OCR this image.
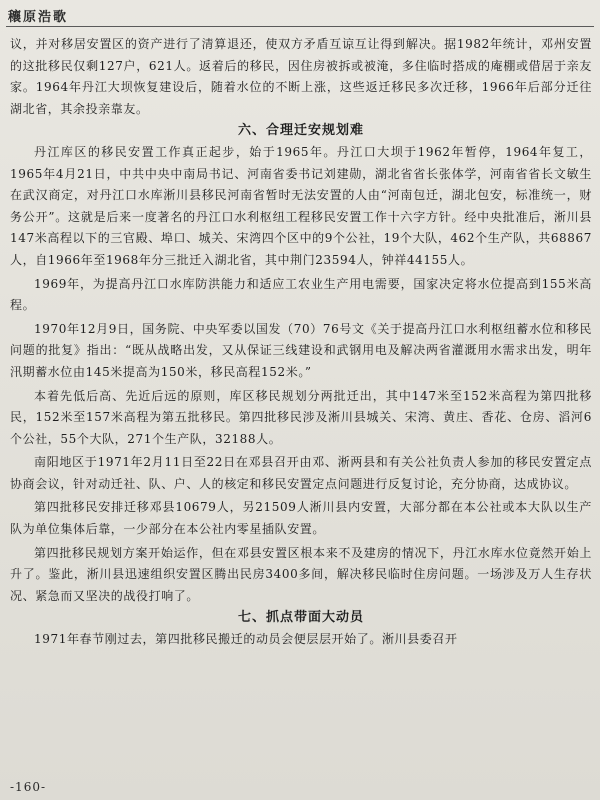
穰原浩歌

议，并对移居安置区的资产进行了清算退还，使双方矛盾互谅互让得到解决。据1982年统计，邓州安置的这批移民仅剩127户，621人。返着后的移民，因住房被拆或被淹，多住临时搭成的庵棚或借居于亲友家。1964年丹江大坝恢复建设后，随着水位的不断上涨，这些返迁移民多次迁移，1966年后部分迁往湖北省，其余投亲靠友。

六、合理迁安规划难

丹江库区的移民安置工作真正起步，始于1965年。丹江口大坝于1962年暂停，1964年复工，1965年4月21日，中共中央中南局书记、河南省委书记刘建勋，湖北省省长张体学，河南省省长文敏生在武汉商定，对丹江口水库淅川县移民河南省暂时无法安置的人由“河南包迁，湖北包安，标准统一，财务公开”。这就是后来一度著名的丹江口水利枢纽工程移民安置工作十六字方针。经中央批准后，淅川县147米高程以下的三官殿、埠口、城关、宋湾四个区中的9个公社，19个大队，462个生产队，共68867人，自1966年至1968年分三批迁入湖北省，其中荆门23594人，钟祥44155人。

1969年，为提高丹江口水库防洪能力和适应工农业生产用电需要，国家决定将水位提高到155米高程。

1970年12月9日，国务院、中央军委以国发（70）76号文《关于提高丹江口水利枢纽蓄水位和移民问题的批复》指出：“既从战略出发，又从保证三线建设和武钢用电及解决两省灌溉用水需求出发，明年汛期蓄水位由145米提高为150米，移民高程152米。”

本着先低后高、先近后远的原则，库区移民规划分两批迁出，其中147米至152米高程为第四批移民，152米至157米高程为第五批移民。第四批移民涉及淅川县城关、宋湾、黄庄、香花、仓房、滔河6个公社，55个大队，271个生产队，32188人。

南阳地区于1971年2月11日至22日在邓县召开由邓、淅两县和有关公社负责人参加的移民安置定点协商会议，针对动迁社、队、户、人的核定和移民安置定点问题进行反复讨论，充分协商，达成协议。

第四批移民安排迁移邓县10679人，另21509人淅川县内安置，大部分都在本公社或本大队以生产队为单位集体后靠，一少部分在本公社内零星插队安置。

第四批移民规划方案开始运作，但在邓县安置区根本来不及建房的情况下，丹江水库水位竟然开始上升了。鉴此，淅川县迅速组织安置区腾出民房3400多间，解决移民临时住房问题。一场涉及万人生存状况、紧急而又坚决的战役打响了。

七、抓点带面大动员

1971年春节刚过去，第四批移民搬迁的动员会便层层开始了。淅川县委召开

-160-
